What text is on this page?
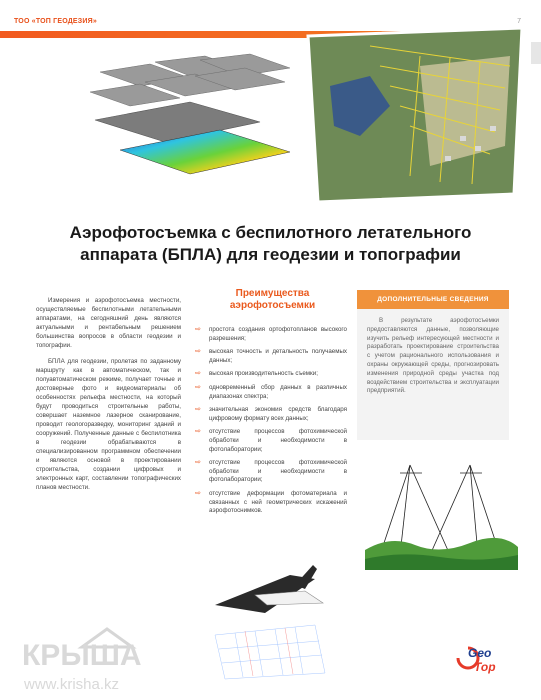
ТОО «ТОП ГЕОДЕЗИЯ»	7
Аэрофотосъемка с беспилотного летательного
аппарата (БПЛА) для геодезии и топографии

Измерения и аэрофотосъемка местности, осуществляемые беспилотными летательными аппаратами, на сегодняшний день являются актуальными и рентабельным решением большинства вопросов в области геодезии и топографии.

БПЛА для геодезии, пролетая по заданному маршруту как в автоматическом, так и полуавтоматическом режиме, получает точные и достоверные фото и видеоматериалы об особенностях рельефа местности, на который будут проводиться строительные работы, совершает наземное лазерное сканирование, проводит геологоразведку, мониторинг зданий и сооружений. Полученные данные с беспилотника в геодезии обрабатываются в специализированном программном обеспечении и являются основой в проектировании строительства, создании цифровых и электронных карт, составлении топографических планов местности.

Преимущества
аэрофотосъемки
⇨ простота создания ортофотопланов высокого разрешения;
⇨ высокая точность и детальность получаемых данных;
⇨ высокая производительность съемки;
⇨ одновременный сбор данных в различных диапазонах спектра;
⇨ значительная экономия средств благодаря цифровому формату всех данных;
⇨ отсутствие процессов фотохимической обработки и необходимости в фотолаборатории;
⇨ отсутствие процессов фотохимической обработки и необходимости в фотолаборатории;
⇨ отсутствие деформации фотоматериала и связанных с ней геометрических искажений аэрофотоснимков.
ДОПОЛНИТЕЛЬНЫЕ СВЕДЕНИЯ
В результате аэрофотосъемки предоставляются данные, позволяющие изучить рельеф интересующей местности и разработать проектирование строительства с учетом рационального использования и охраны окружающей среды, прогнозировать изменения природной среды участка под воздействием строительства и эксплуатации предприятий.
КРЫША
www.krisha.kz
Geo
Top
